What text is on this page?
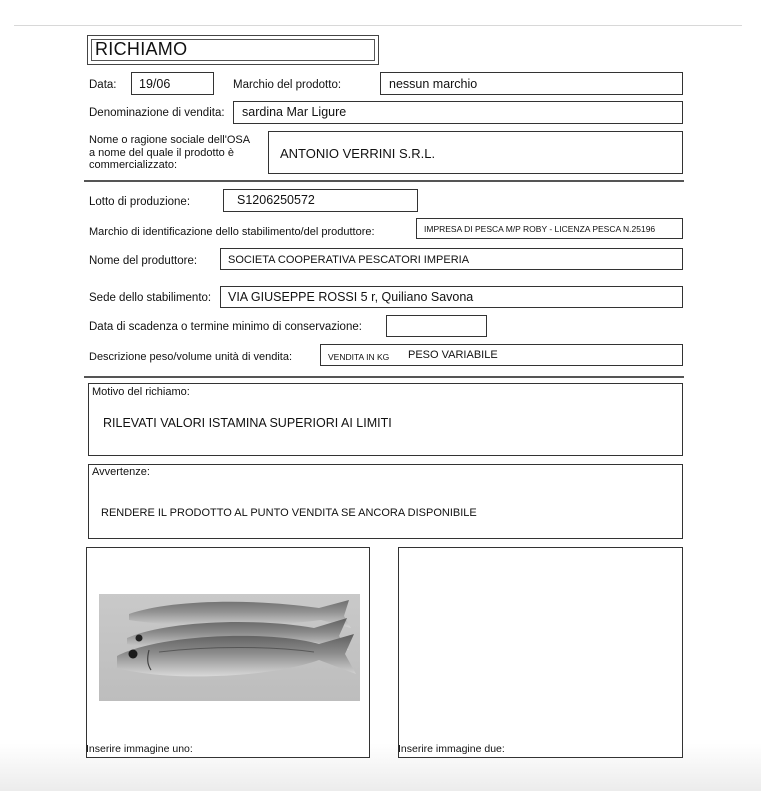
RICHIAMO
Data: 19/06	Marchio del prodotto:	nessun marchio
Denominazione di vendita: sardina Mar Ligure
Nome o ragione sociale dell'OSA
a nome del quale il prodotto è
commercializzato:
ANTONIO VERRINI S.R.L.
Lotto di produzione:	S1206250572
Marchio di identificazione dello stabilimento/del produttore:	IMPRESA DI PESCA M/P ROBY - LICENZA PESCA N.25196
Nome del produttore:	SOCIETA COOPERATIVA PESCATORI IMPERIA
Sede dello stabilimento: VIA GIUSEPPE ROSSI 5 r, Quiliano Savona
Data di scadenza o termine minimo di conservazione:
Descrizione peso/volume unità di vendita:	VENDITA IN KG PESO VARIABILE
Motivo del richiamo:
RILEVATI VALORI ISTAMINA SUPERIORI AI LIMITI
Avvertenze:
RENDERE IL PRODOTTO AL PUNTO VENDITA SE ANCORA DISPONIBILE
Inserire immagine uno:	Inserire immagine due:
